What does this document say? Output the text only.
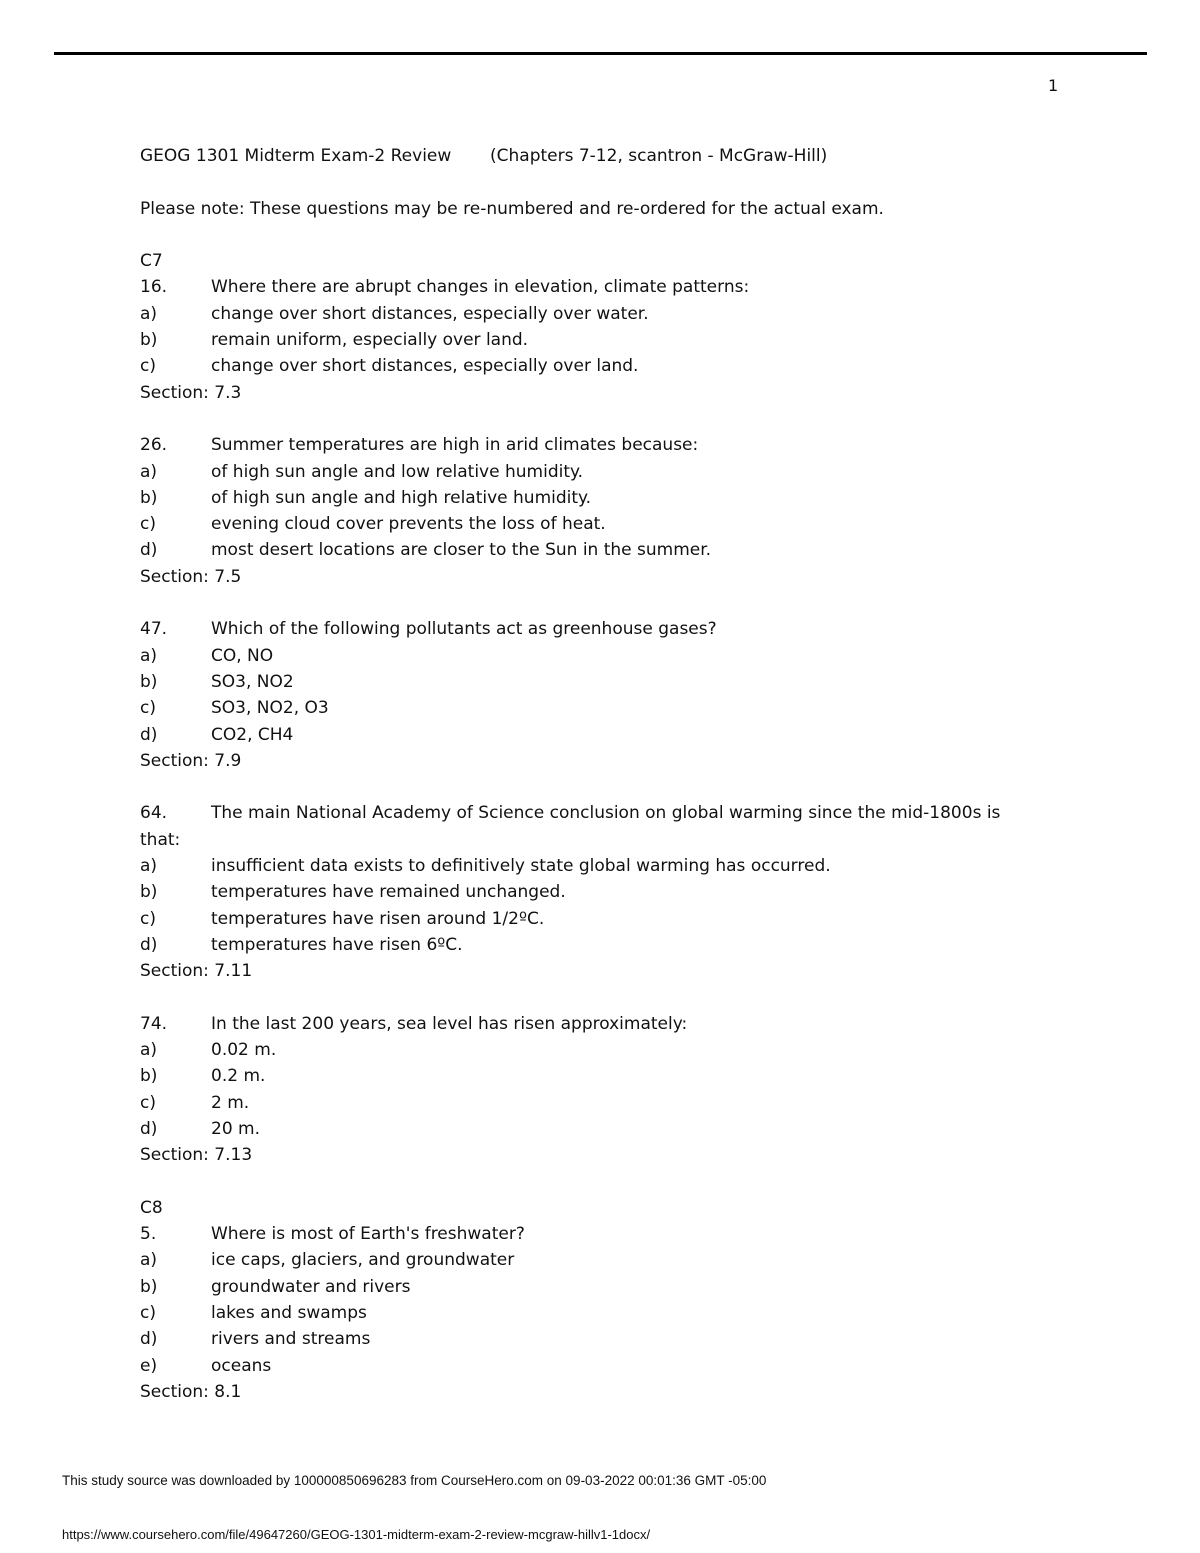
1
GEOG 1301 Midterm Exam-2 Review (Chapters 7-12, scantron - McGraw-Hill)
Please note: These questions may be re-numbered and re-ordered for the actual exam.
C7
16.	Where there are abrupt changes in elevation, climate patterns:
a)	change over short distances, especially over water.
b)	remain uniform, especially over land.
c)	change over short distances, especially over land.
Section: 7.3
26.	Summer temperatures are high in arid climates because:
a)	of high sun angle and low relative humidity.
b)	of high sun angle and high relative humidity.
c)	evening cloud cover prevents the loss of heat.
d)	most desert locations are closer to the Sun in the summer.
Section: 7.5
47.	Which of the following pollutants act as greenhouse gases?
a)	CO, NO
b)	SO3, NO2
c)	SO3, NO2, O3
d)	CO2, CH4
Section: 7.9
64.	The main National Academy of Science conclusion on global warming since the mid-1800s is
that:
a)	insufficient data exists to definitively state global warming has occurred.
b)	temperatures have remained unchanged.
c)	temperatures have risen around 1/2ºC.
d)	temperatures have risen 6ºC.
Section: 7.11
74.	In the last 200 years, sea level has risen approximately:
a)	0.02 m.
b)	0.2 m.
c)	2 m.
d)	20 m.
Section: 7.13
C8
5.	Where is most of Earth's freshwater?
a)	ice caps, glaciers, and groundwater
b)	groundwater and rivers
c)	lakes and swamps
d)	rivers and streams
e)	oceans
Section: 8.1
This study source was downloaded by 100000850696283 from CourseHero.com on 09-03-2022 00:01:36 GMT -05:00
https://www.coursehero.com/file/49647260/GEOG-1301-midterm-exam-2-review-mcgraw-hillv1-1docx/
